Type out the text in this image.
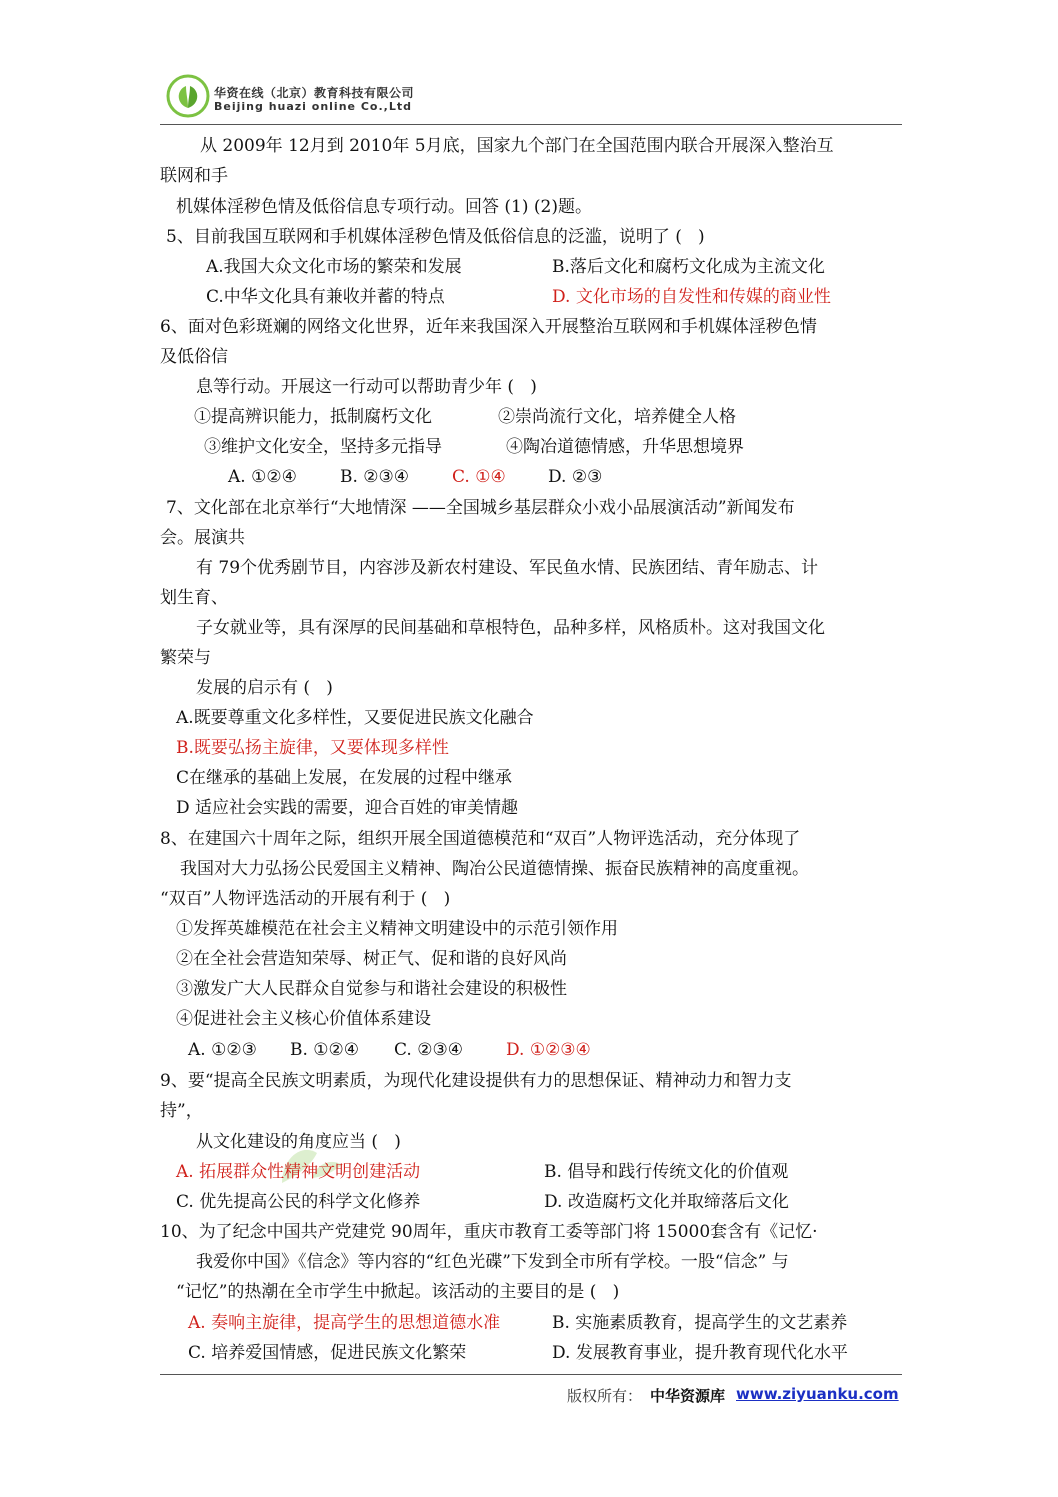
华资在线（北京）教育科技有限公司
Beijing huazi online Co.,Ltd
从 2009年 12月到 2010年 5月底，国家九个部门在全国范围内联合开展深入整治互
联网和手
机媒体淫秽色情及低俗信息专项行动。回答 (1) (2)题。
5、目前我国互联网和手机媒体淫秽色情及低俗信息的泛滥，说明了 (   )
A.我国大众文化市场的繁荣和发展	B.落后文化和腐朽文化成为主流文化
C.中华文化具有兼收并蓄的特点	D. 文化市场的自发性和传媒的商业性
6、面对色彩斑斓的网络文化世界，近年来我国深入开展整治互联网和手机媒体淫秽色情
及低俗信
息等行动。开展这一行动可以帮助青少年 (   )
①提高辨识能力，抵制腐朽文化	②崇尚流行文化，培养健全人格
③维护文化安全，坚持多元指导	④陶冶道德情感，升华思想境界
A. ①②④	B. ②③④	C. ①④ D. ②③
7、文化部在北京举行“大地情深 ——全国城乡基层群众小戏小品展演活动”新闻发布
会。展演共
有 79个优秀剧节目，内容涉及新农村建设、军民鱼水情、民族团结、青年励志、计
划生育、
子女就业等，具有深厚的民间基础和草根特色，品种多样，风格质朴。这对我国文化
繁荣与
发展的启示有 (   )
A.既要尊重文化多样性，又要促进民族文化融合
B.既要弘扬主旋律，又要体现多样性
C在继承的基础上发展，在发展的过程中继承
D 适应社会实践的需要，迎合百姓的审美情趣
8、在建国六十周年之际，组织开展全国道德模范和“双百”人物评选活动，充分体现了
我国对大力弘扬公民爱国主义精神、陶冶公民道德情操、振奋民族精神的高度重视。
“双百”人物评选活动的开展有利于 (   )
①发挥英雄模范在社会主义精神文明建设中的示范引领作用
②在全社会营造知荣辱、树正气、促和谐的良好风尚
③激发广大人民群众自觉参与和谐社会建设的积极性
④促进社会主义核心价值体系建设
A. ①②③ B. ①②④ C. ②③④	D. ①②③④
9、要“提高全民族文明素质，为现代化建设提供有力的思想保证、精神动力和智力支
持”，
从文化建设的角度应当 (   )
A. 拓展群众性精神文明创建活动	B. 倡导和践行传统文化的价值观
C. 优先提高公民的科学文化修养	D. 改造腐朽文化并取缔落后文化
10、为了纪念中国共产党建党 90周年，重庆市教育工委等部门将 15000套含有《记忆·
我爱你中国》《信念》等内容的“红色光碟”下发到全市所有学校。一股“信念” 与
“记忆”的热潮在全市学生中掀起。该活动的主要目的是 (   )
A. 奏响主旋律，提高学生的思想道德水准	B. 实施素质教育，提高学生的文艺素养
C. 培养爱国情感，促进民族文化繁荣	D. 发展教育事业，提升教育现代化水平
版权所有： 中华资源库 www.ziyuanku.com
